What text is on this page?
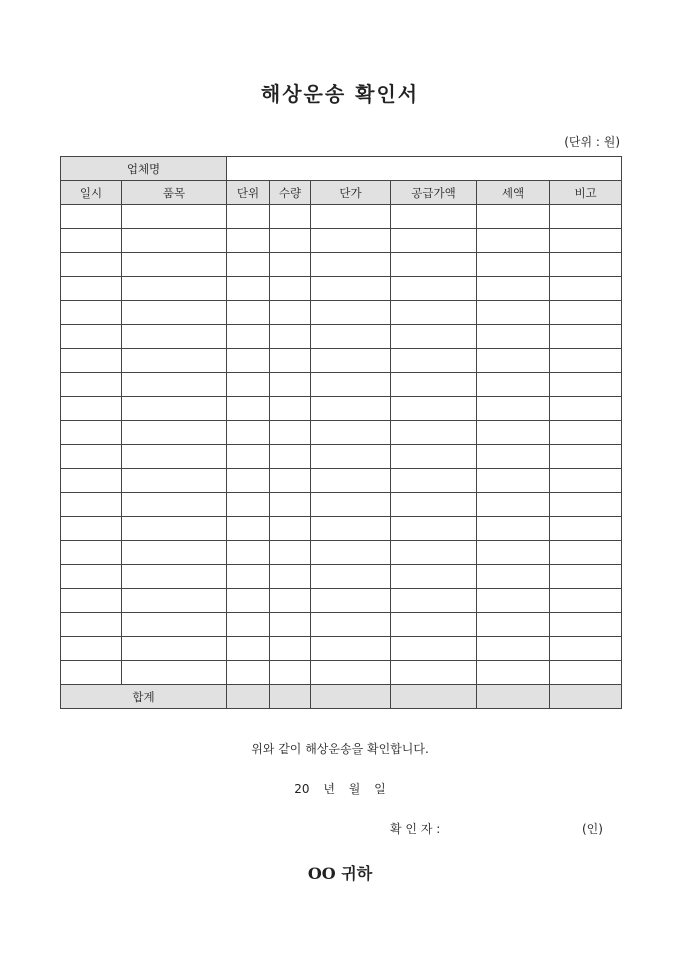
해상운송 확인서
(단위 : 원)
업체명							
일시	품목	단위	수량	단가	공급가액	세액	비고

합계							
위와 같이 해상운송을 확인합니다.
20 년 월 일
확 인 자 :	(인)
OO 귀하
